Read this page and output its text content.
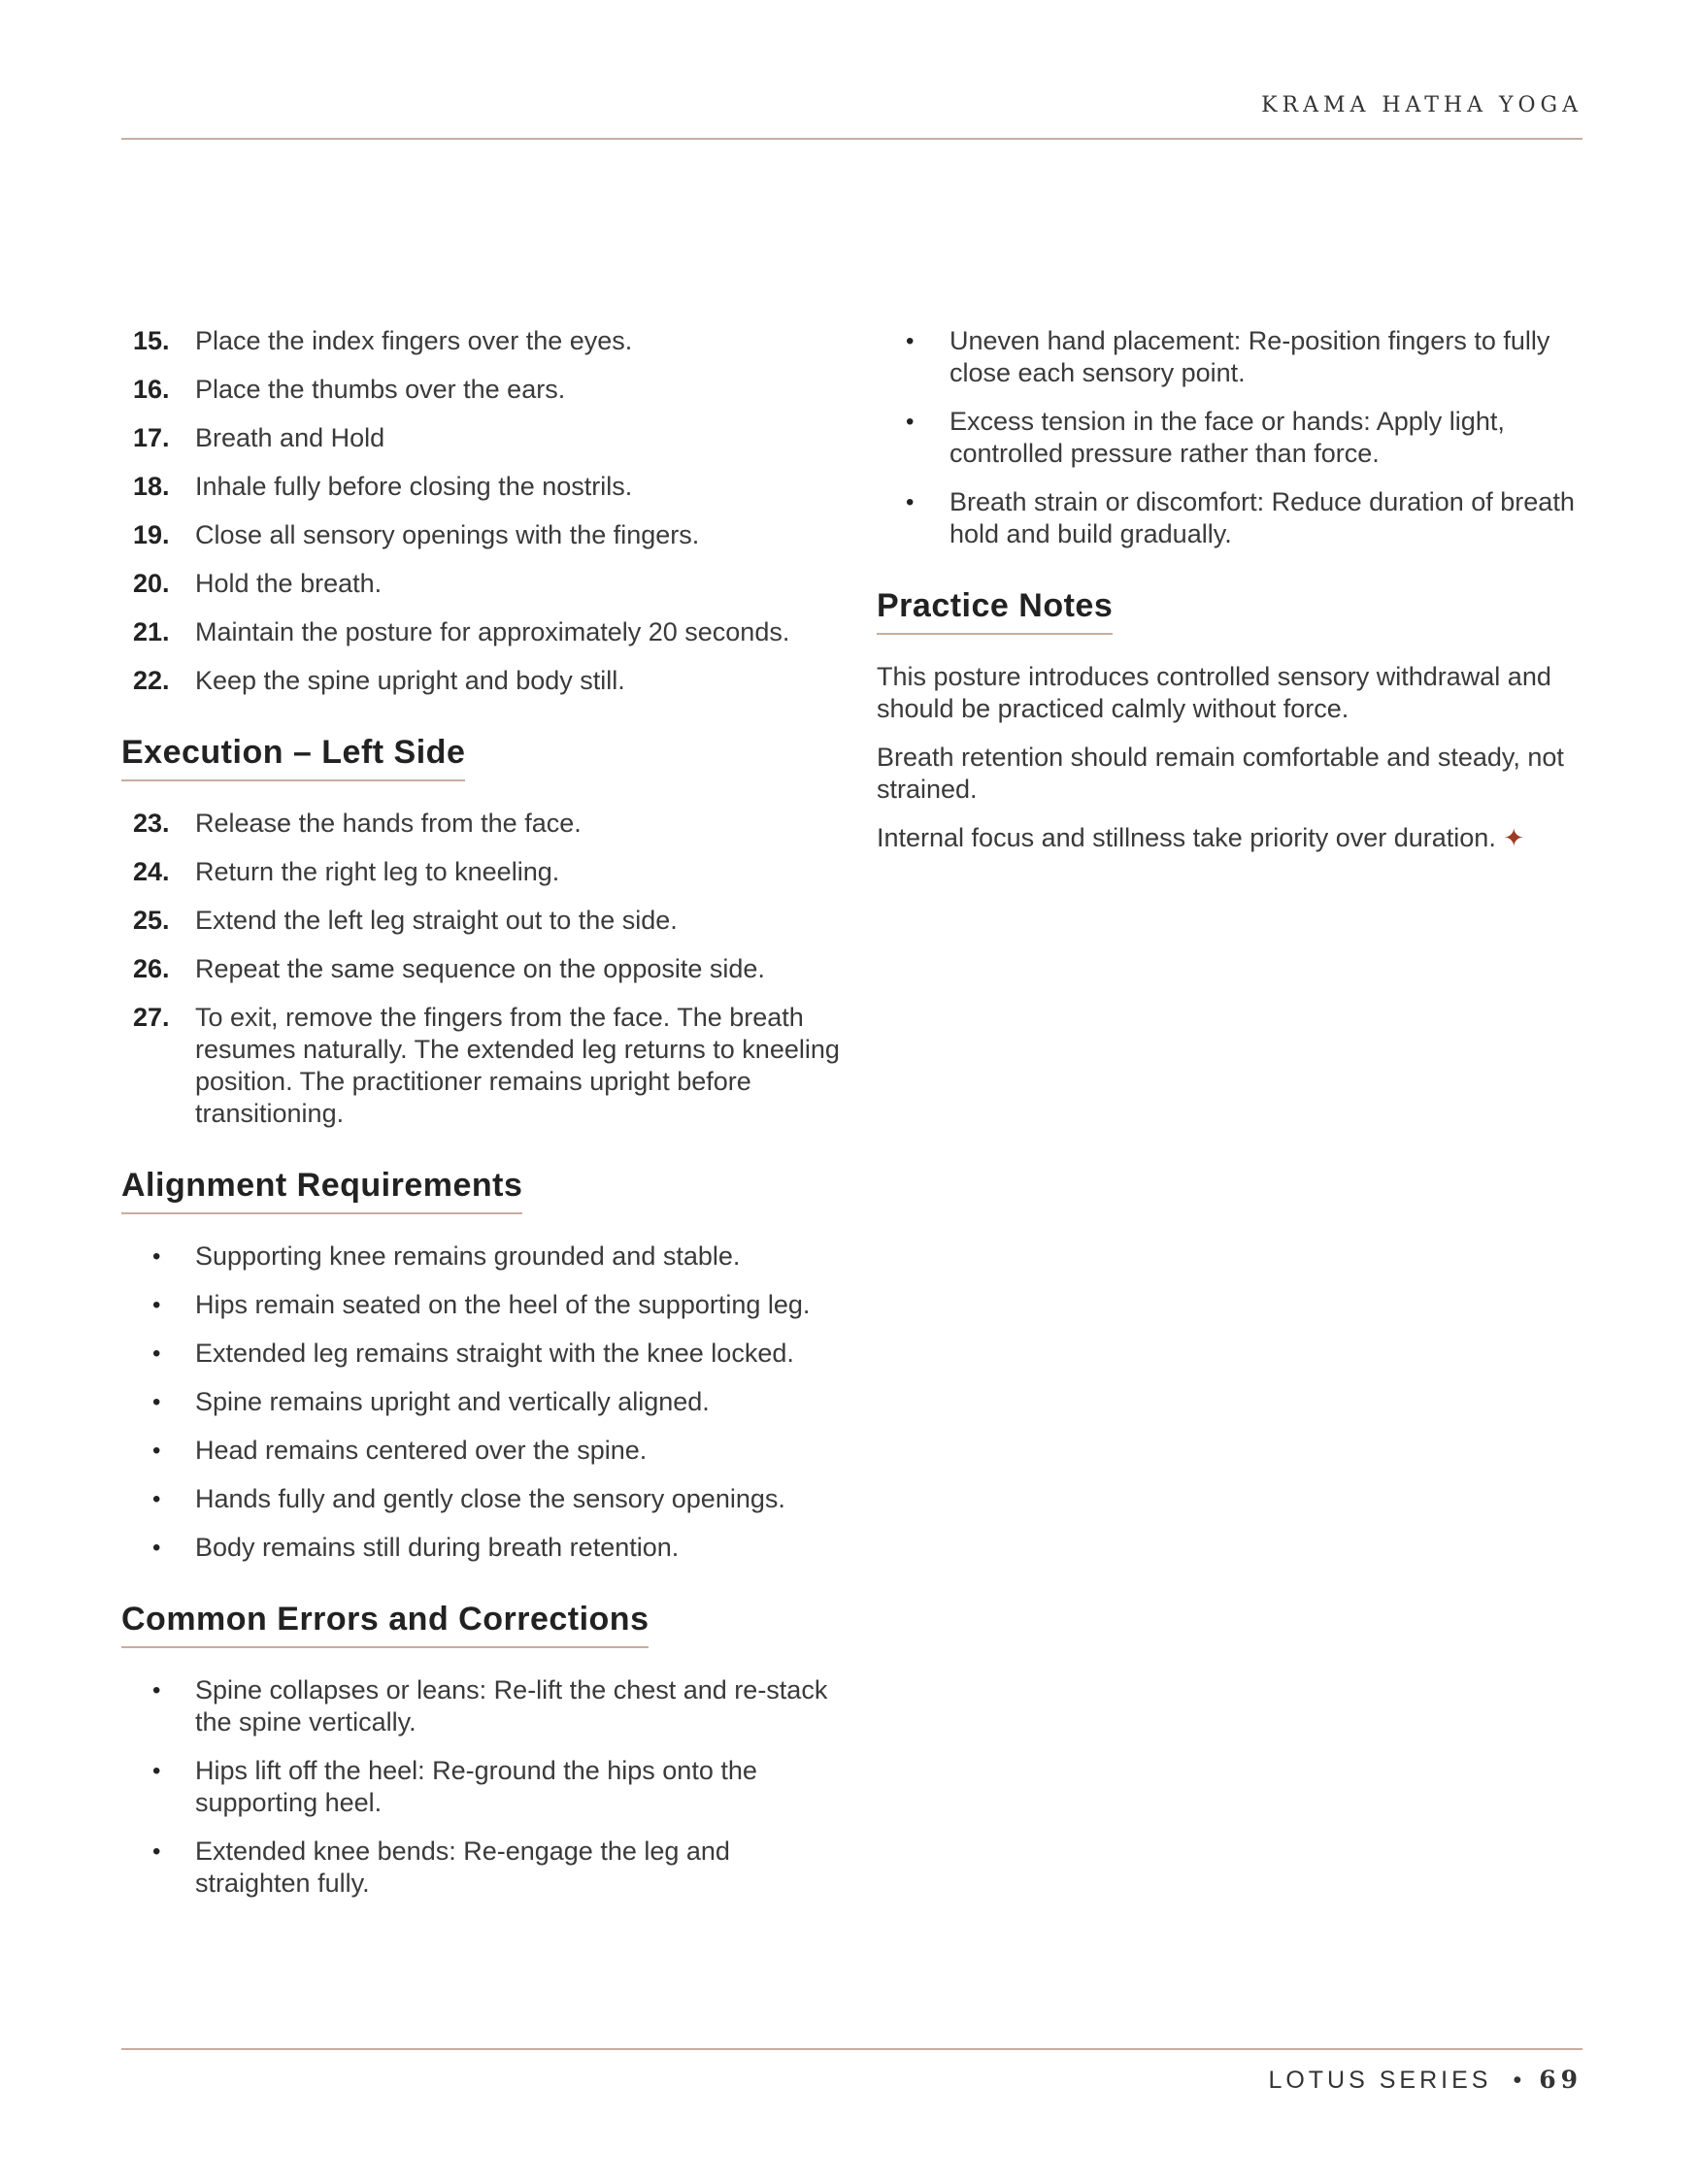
KRAMA HATHA YOGA
15. Place the index fingers over the eyes.
16. Place the thumbs over the ears.
17. Breath and Hold
18. Inhale fully before closing the nostrils.
19. Close all sensory openings with the fingers.
20. Hold the breath.
21. Maintain the posture for approximately 20 seconds.
22. Keep the spine upright and body still.
Execution – Left Side
23. Release the hands from the face.
24. Return the right leg to kneeling.
25. Extend the left leg straight out to the side.
26. Repeat the same sequence on the opposite side.
27. To exit, remove the fingers from the face. The breath resumes naturally. The extended leg returns to kneeling position. The practitioner remains upright before transitioning.
Alignment Requirements
• Supporting knee remains grounded and stable.
• Hips remain seated on the heel of the supporting leg.
• Extended leg remains straight with the knee locked.
• Spine remains upright and vertically aligned.
• Head remains centered over the spine.
• Hands fully and gently close the sensory openings.
• Body remains still during breath retention.
Common Errors and Corrections
• Spine collapses or leans: Re-lift the chest and re-stack the spine vertically.
• Hips lift off the heel: Re-ground the hips onto the supporting heel.
• Extended knee bends: Re-engage the leg and straighten fully.
• Uneven hand placement: Re-position fingers to fully close each sensory point.
• Excess tension in the face or hands: Apply light, controlled pressure rather than force.
• Breath strain or discomfort: Reduce duration of breath hold and build gradually.
Practice Notes

This posture introduces controlled sensory withdrawal and should be practiced calmly without force.

Breath retention should remain comfortable and steady, not strained.

Internal focus and stillness take priority over duration. ✦

LOTUS SERIES • 69
